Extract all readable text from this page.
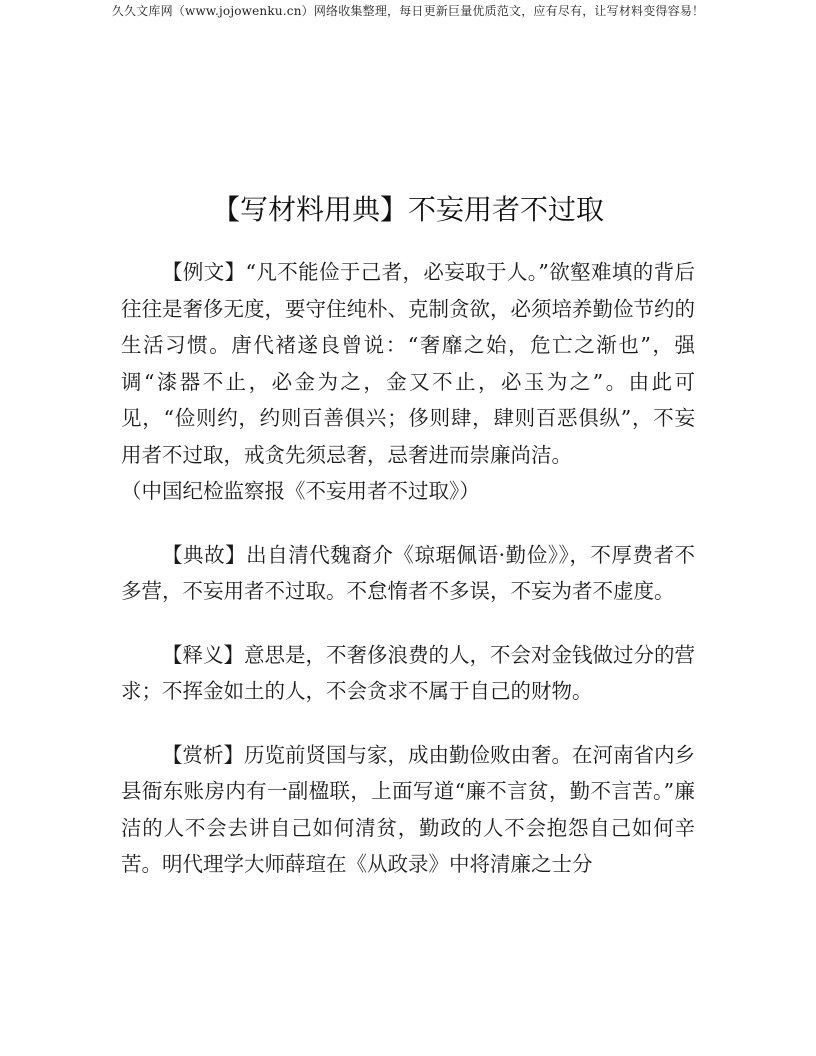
久久文库网（www.jojowenku.cn）网络收集整理，每日更新巨量优质范文，应有尽有，让写材料变得容易！
【写材料用典】不妄用者不过取

【例文】“凡不能俭于己者，必妄取于人。”欲壑难填的背后往往是奢侈无度，要守住纯朴、克制贪欲，必须培养勤俭节约的生活习惯。唐代褚遂良曾说：“奢靡之始，危亡之渐也”，强调“漆器不止，必金为之，金又不止，必玉为之”。由此可见，“俭则约，约则百善俱兴；侈则肆，肆则百恶俱纵”，不妄用者不过取，戒贪先须忌奢，忌奢进而崇廉尚洁。
（中国纪检监察报《不妄用者不过取》）

【典故】出自清代魏裔介《琼琚佩语·勤俭》》，不厚费者不多营，不妄用者不过取。不怠惰者不多误，不妄为者不虚度。

【释义】意思是，不奢侈浪费的人，不会对金钱做过分的营求；不挥金如土的人，不会贪求不属于自己的财物。

【赏析】历览前贤国与家，成由勤俭败由奢。在河南省内乡县衙东账房内有一副楹联，上面写道“廉不言贫，勤不言苦。”廉洁的人不会去讲自己如何清贫，勤政的人不会抱怨自己如何辛苦。明代理学大师薛瑄在《从政录》中将清廉之士分
